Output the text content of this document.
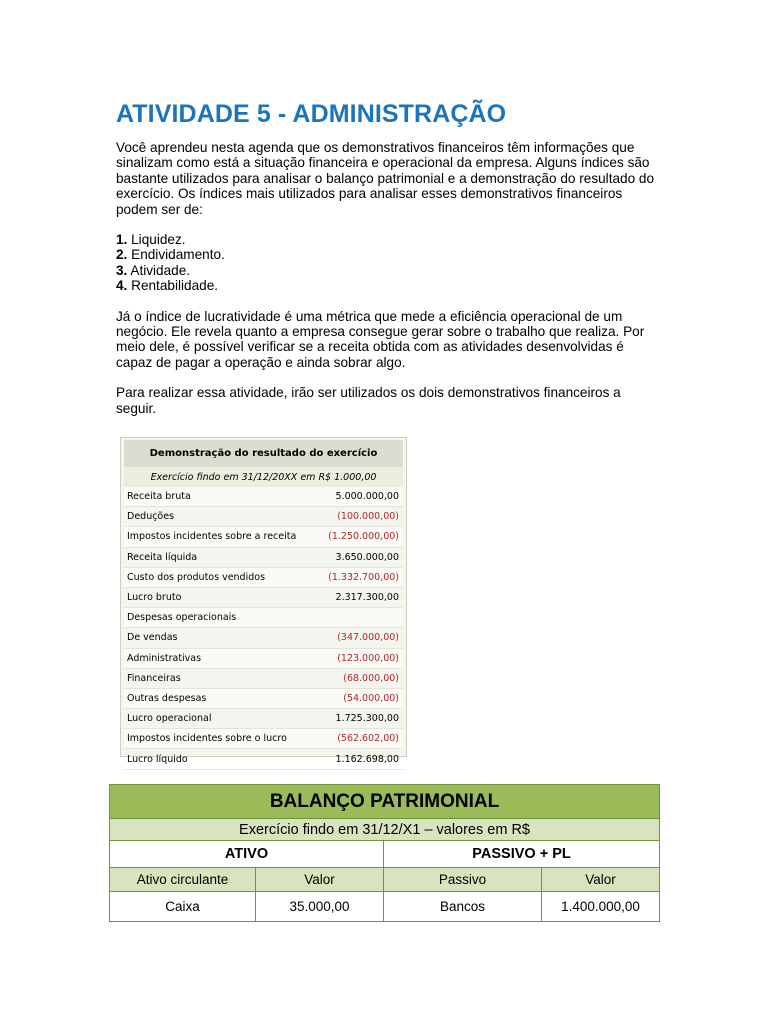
ATIVIDADE 5 - ADMINISTRAÇÃO

Você aprendeu nesta agenda que os demonstrativos financeiros têm informações que sinalizam como está a situação financeira e operacional da empresa. Alguns índices são bastante utilizados para analisar o balanço patrimonial e a demonstração do resultado do exercício. Os índices mais utilizados para analisar esses demonstrativos financeiros podem ser de:

1. Liquidez.
2. Endividamento.
3. Atividade.
4. Rentabilidade.

Já o índice de lucratividade é uma métrica que mede a eficiência operacional de um negócio. Ele revela quanto a empresa consegue gerar sobre o trabalho que realiza. Por meio dele, é possível verificar se a receita obtida com as atividades desenvolvidas é capaz de pagar a operação e ainda sobrar algo.

Para realizar essa atividade, irão ser utilizados os dois demonstrativos financeiros a seguir.

Demonstração do resultado do exercício
Exercício findo em 31/12/20XX em R$ 1.000,00
Receita bruta	5.000.000,00
Deduções	(100.000,00)
Impostos incidentes sobre a receita	(1.250.000,00)
Receita líquida	3.650.000,00
Custo dos produtos vendidos	(1.332.700,00)
Lucro bruto	2.317.300,00
Despesas operacionais
De vendas	(347.000,00)
Administrativas	(123.000,00)
Financeiras	(68.000,00)
Outras despesas	(54.000,00)
Lucro operacional	1.725.300,00
Impostos incidentes sobre o lucro	(562.602,00)
Lucro líquido	1.162.698,00
BALANÇO PATRIMONIAL			
Exercício findo em 31/12/X1 – valores em R$			
ATIVO		PASSIVO + PL	
Ativo circulante	Valor	Passivo	Valor
Caixa	35.000,00	Bancos	1.400.000,00
